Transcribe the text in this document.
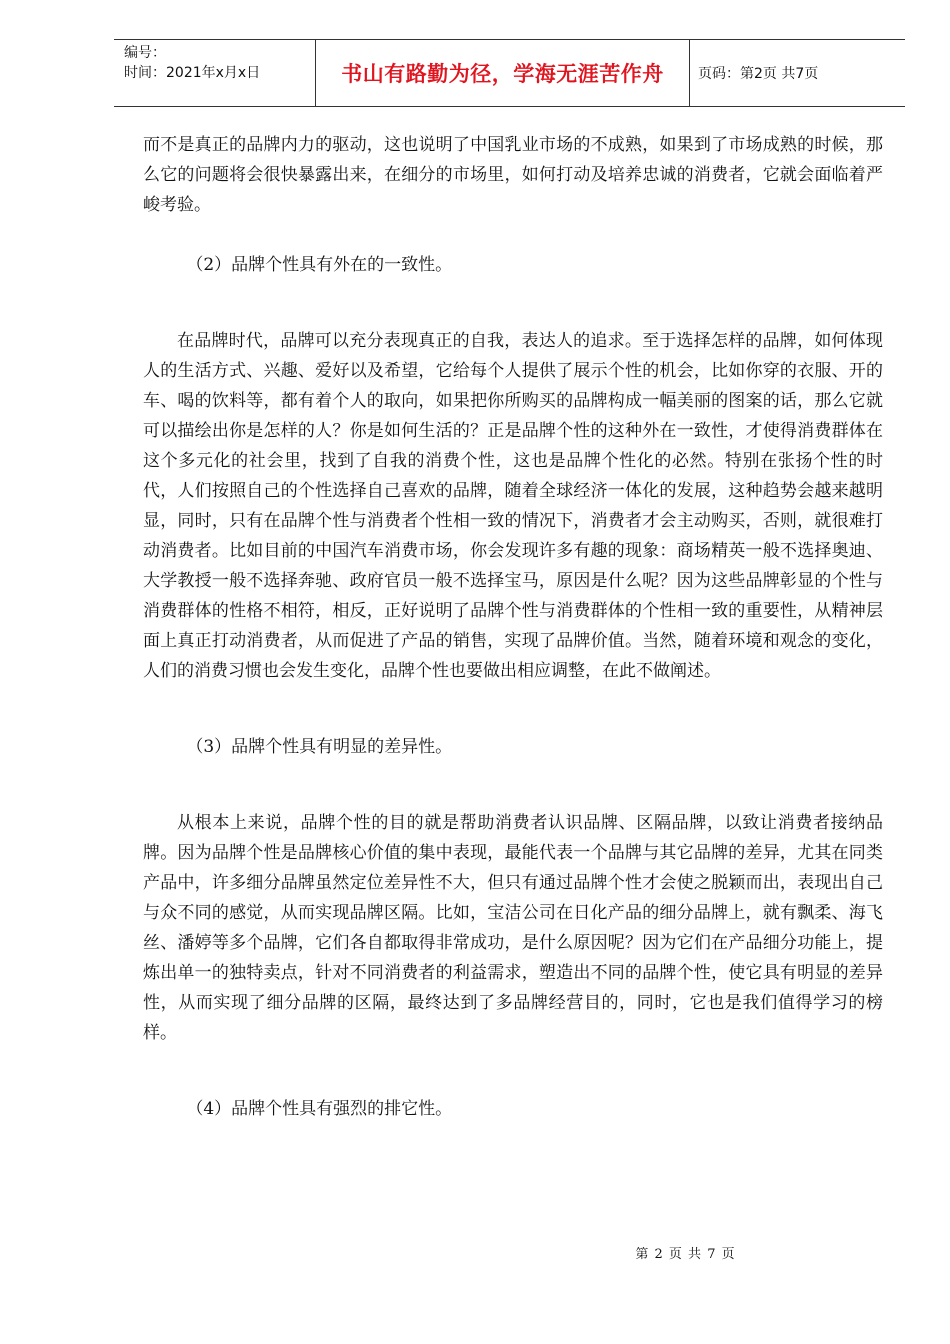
编号：
时间：2021年x月x日	书山有路勤为径，学海无涯苦作舟 页码：第2页 共7页

而不是真正的品牌内力的驱动，这也说明了中国乳业市场的不成熟，如果到了市场成熟的时候，那么它的问题将会很快暴露出来，在细分的市场里，如何打动及培养忠诚的消费者，它就会面临着严峻考验。

（2）品牌个性具有外在的一致性。

在品牌时代，品牌可以充分表现真正的自我，表达人的追求。至于选择怎样的品牌，如何体现人的生活方式、兴趣、爱好以及希望，它给每个人提供了展示个性的机会，比如你穿的衣服、开的车、喝的饮料等，都有着个人的取向，如果把你所购买的品牌构成一幅美丽的图案的话，那么它就可以描绘出你是怎样的人？你是如何生活的？正是品牌个性的这种外在一致性，才使得消费群体在这个多元化的社会里，找到了自我的消费个性，这也是品牌个性化的必然。特别在张扬个性的时代，人们按照自己的个性选择自己喜欢的品牌，随着全球经济一体化的发展，这种趋势会越来越明显，同时，只有在品牌个性与消费者个性相一致的情况下，消费者才会主动购买，否则，就很难打动消费者。比如目前的中国汽车消费市场，你会发现许多有趣的现象：商场精英一般不选择奥迪、大学教授一般不选择奔驰、政府官员一般不选择宝马，原因是什么呢？因为这些品牌彰显的个性与消费群体的性格不相符，相反，正好说明了品牌个性与消费群体的个性相一致的重要性，从精神层面上真正打动消费者，从而促进了产品的销售，实现了品牌价值。当然，随着环境和观念的变化，人们的消费习惯也会发生变化，品牌个性也要做出相应调整，在此不做阐述。

（3）品牌个性具有明显的差异性。

从根本上来说，品牌个性的目的就是帮助消费者认识品牌、区隔品牌，以致让消费者接纳品牌。因为品牌个性是品牌核心价值的集中表现，最能代表一个品牌与其它品牌的差异，尤其在同类产品中，许多细分品牌虽然定位差异性不大，但只有通过品牌个性才会使之脱颖而出，表现出自己与众不同的感觉，从而实现品牌区隔。比如，宝洁公司在日化产品的细分品牌上，就有飘柔、海飞丝、潘婷等多个品牌，它们各自都取得非常成功，是什么原因呢？因为它们在产品细分功能上，提炼出单一的独特卖点，针对不同消费者的利益需求，塑造出不同的品牌个性，使它具有明显的差异性，从而实现了细分品牌的区隔，最终达到了多品牌经营目的，同时，它也是我们值得学习的榜样。

（4）品牌个性具有强烈的排它性。

第 2 页 共 7 页
